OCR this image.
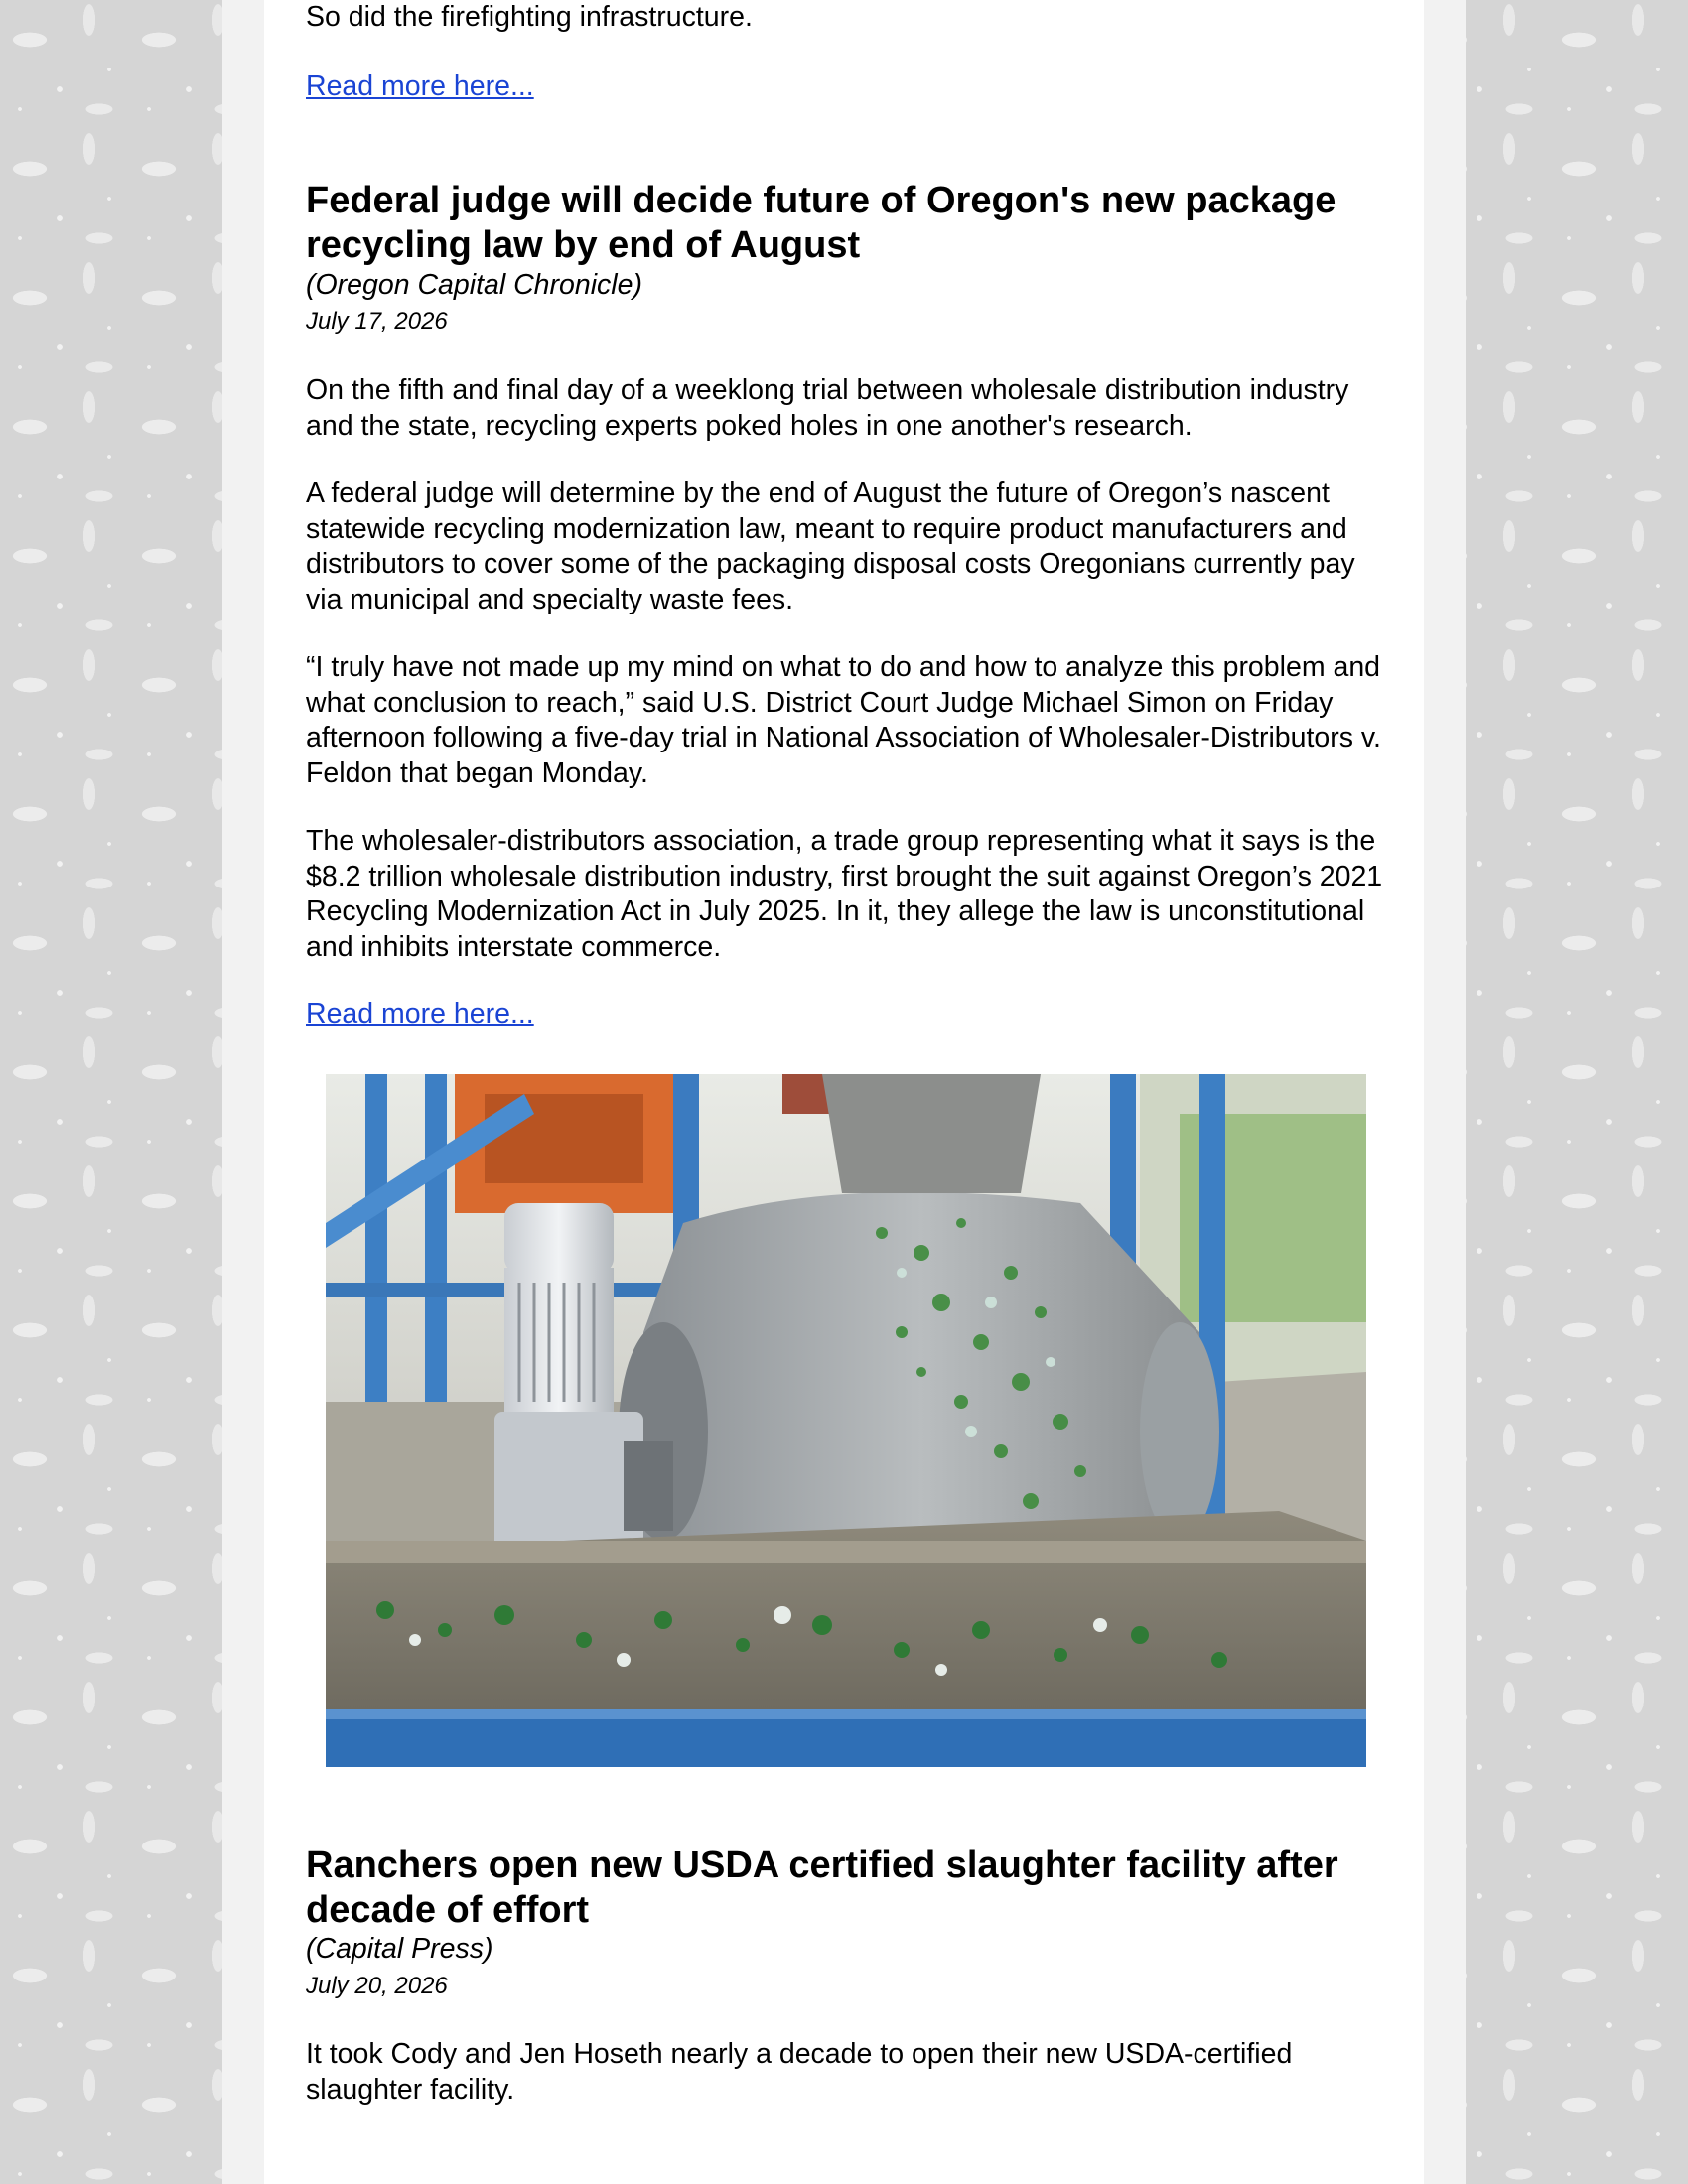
So did the firefighting infrastructure.

Read more here...
Federal judge will decide future of Oregon's new package recycling law by end of August

(Oregon Capital Chronicle)

July 17, 2026

On the fifth and final day of a weeklong trial between wholesale distribution industry and the state, recycling experts poked holes in one another's research.

A federal judge will determine by the end of August the future of Oregon’s nascent statewide recycling modernization law, meant to require product manufacturers and distributors to cover some of the packaging disposal costs Oregonians currently pay via municipal and specialty waste fees.

“I truly have not made up my mind on what to do and how to analyze this problem and what conclusion to reach,” said U.S. District Court Judge Michael Simon on Friday afternoon following a five-day trial in National Association of Wholesaler-Distributors v. Feldon that began Monday.

The wholesaler-distributors association, a trade group representing what it says is the $8.2 trillion wholesale distribution industry, first brought the suit against Oregon’s 2021 Recycling Modernization Act in July 2025. In it, they allege the law is unconstitutional and inhibits interstate commerce.

Read more here...
Ranchers open new USDA certified slaughter facility after decade of effort

(Capital Press)

July 20, 2026

It took Cody and Jen Hoseth nearly a decade to open their new USDA-certified slaughter facility.
